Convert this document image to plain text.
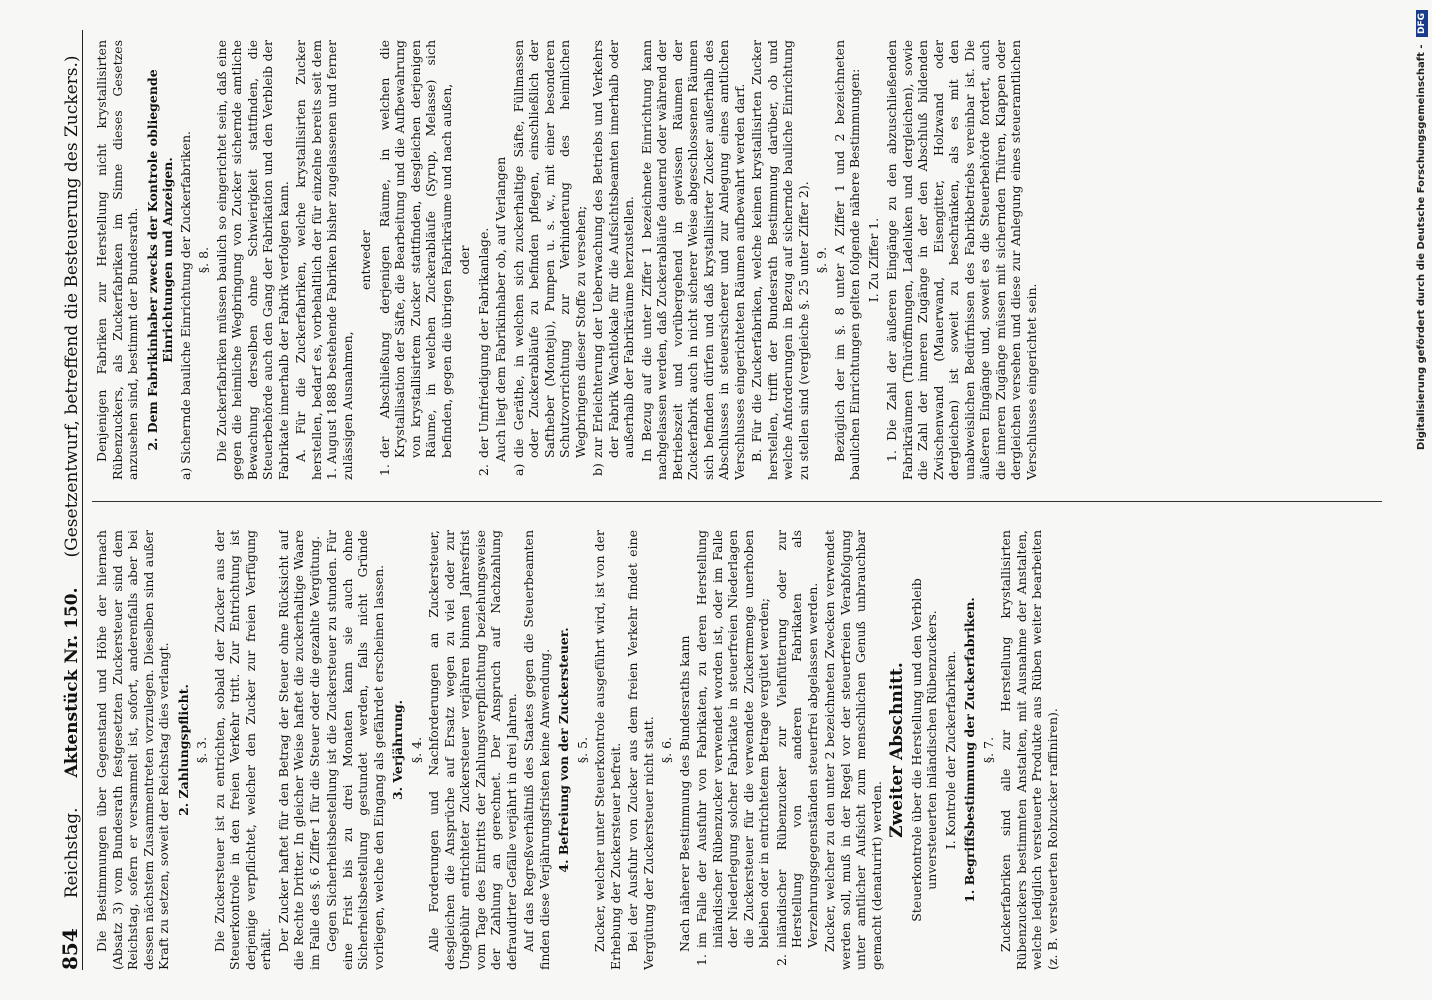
854
Reichstag.
Aktenstück Nr. 150.
(Gesetzentwurf, betreffend die Besteuerung des Zuckers.)

Die Bestimmungen über Gegenstand und Höhe der hiernach (Absatz 3) vom Bundesrath festgesetzten Zuckersteuer sind dem Reichstag, sofern er versammelt ist, sofort, anderenfalls aber bei dessen nächstem Zusammentreten vorzulegen. Dieselben sind außer Kraft zu setzen, soweit der Reichstag dies verlangt. 2. Zahlungspflicht. §. 3. Die Zuckersteuer ist zu entrichten, sobald der Zucker aus der Steuerkontrole in den freien Verkehr tritt. Zur Entrichtung ist derjenige verpflichtet, welcher den Zucker zur freien Verfügung erhält. Der Zucker haftet für den Betrag der Steuer ohne Rücksicht auf die Rechte Dritter. In gleicher Weise haftet die zuckerhaltige Waare im Falle des §. 6 Ziffer 1 für die Steuer oder die gezahlte Vergütung. Gegen Sicherheitsbestellung ist die Zuckersteuer zu stunden. Für eine Frist bis zu drei Monaten kann sie auch ohne Sicherheitsbestellung gestundet werden, falls nicht Gründe vorliegen, welche den Eingang als gefährdet erscheinen lassen. 3. Verjährung. §. 4. Alle Forderungen und Nachforderungen an Zuckersteuer, desgleichen die Ansprüche auf Ersatz wegen zu viel oder zur Ungebühr entrichteter Zuckersteuer verjähren binnen Jahresfrist vom Tage des Eintritts der Zahlungsverpflichtung beziehungsweise der Zahlung an gerechnet. Der Anspruch auf Nachzahlung defraudirter Gefälle verjährt in drei Jahren. Auf das Regreßverhältniß des Staates gegen die Steuerbeamten finden diese Verjährungsfristen keine Anwendung. 4. Befreiung von der Zuckersteuer. §. 5. Zucker, welcher unter Steuerkontrole ausgeführt wird, ist von der Erhebung der Zuckersteuer befreit. Bei der Ausfuhr von Zucker aus dem freien Verkehr findet eine Vergütung der Zuckersteuer nicht statt. §. 6. Nach näherer Bestimmung des Bundesraths kann

1.
im Falle der Ausfuhr von Fabrikaten, zu deren Herstellung inländischer Rübenzucker verwendet worden ist, oder im Falle der Niederlegung solcher Fabrikate in steuerfreien Niederlagen die Zuckersteuer für die verwendete Zuckermenge unerhoben bleiben oder in entrichtetem Betrage vergütet werden;

2.
inländischer Rübenzucker zur Viehfütterung oder zur Herstellung von anderen Fabrikaten als Verzehrungsgegenständen steuerfrei abgelassen werden. Zucker, welcher zu den unter 2 bezeichneten Zwecken verwendet werden soll, muß in der Regel vor der steuerfreien Verabfolgung unter amtlicher Aufsicht zum menschlichen Genuß unbrauchbar gemacht (denaturirt) werden.

Zweiter Abschnitt. Steuerkontrole über die Herstellung und den Verbleib unversteuerten inländischen Rübenzuckers. I. Kontrole der Zuckerfabriken. 1. Begriffsbestimmung der Zuckerfabriken. §. 7. Zuckerfabriken sind alle zur Herstellung krystallisirten Rübenzuckers bestimmten Anstalten, mit Ausnahme der Anstalten, welche lediglich versteuerte Produkte aus Rüben weiter bearbeiten (z. B. versteuerten Rohzucker raffiniren).

Denjenigen Fabriken zur Herstellung nicht krystallisirten Rübenzuckers, als Zuckerfabriken im Sinne dieses Gesetzes anzusehen sind, bestimmt der Bundesrath. 2. Dem Fabrikinhaber zwecks der Kontrole obliegende Einrichtungen und Anzeigen. a) Sichernde bauliche Einrichtung der Zuckerfabriken. §. 8. Die Zuckerfabriken müssen baulich so eingerichtet sein, daß eine gegen die heimliche Wegbringung von Zucker sichernde amtliche Bewachung derselben ohne Schwierigkeit stattfinden, die Steuerbehörde auch den Gang der Fabrikation und den Verbleib der Fabrikate innerhalb der Fabrik verfolgen kann. A. Für die Zuckerfabriken, welche krystallisirten Zucker herstellen, bedarf es, vorbehaltlich der für einzelne bereits seit dem 1. August 1888 bestehende Fabriken bisher zugelassenen und ferner zulässigen Ausnahmen,

entweder

1.
der Abschließung derjenigen Räume, in welchen die Krystallisation der Säfte, die Bearbeitung und die Aufbewahrung von krystallisirtem Zucker stattfinden, desgleichen derjenigen Räume, in welchen Zuckerabläufe (Syrup, Melasse) sich befinden, gegen die übrigen Fabrikräume und nach außen, oder

2.
der Umfriedigung der Fabrikanlage. Auch liegt dem Fabrikinhaber ob, auf Verlangen

a)
die Geräthe, in welchen sich zuckerhaltige Säfte, Füllmassen oder Zuckerabläufe zu befinden pflegen, einschließlich der Saftheber (Monteju), Pumpen u. s. w., mit einer besonderen Schutzvorrichtung zur Verhinderung des heimlichen Wegbringens dieser Stoffe zu versehen;

b)
zur Erleichterung der Ueberwachung des Betriebs und Verkehrs der Fabrik Wachtlokale für die Aufsichtsbeamten innerhalb oder außerhalb der Fabrikräume herzustellen. In Bezug auf die unter Ziffer 1 bezeichnete Einrichtung kann nachgelassen werden, daß Zuckerabläufe dauernd oder während der Betriebszeit und vorübergehend in gewissen Räumen der Zuckerfabrik auch in nicht sicherer Weise abgeschlossenen Räumen sich befinden dürfen und daß krystallisirter Zucker außerhalb des Abschlusses in steuersicherer und zur Anlegung eines amtlichen Verschlusses eingerichteten Räumen aufbewahrt werden darf. B. Für die Zuckerfabriken, welche keinen krystallisirten Zucker herstellen, trifft der Bundesrath Bestimmung darüber, ob und welche Anforderungen in Bezug auf sichernde bauliche Einrichtung zu stellen sind (vergleiche §. 25 unter Ziffer 2). §. 9. Bezüglich der im §. 8 unter A Ziffer 1 und 2 bezeichneten baulichen Einrichtungen gelten folgende nähere Bestimmungen: I. Zu Ziffer 1. 1. Die Zahl der äußeren Eingänge zu den abzuschließenden Fabrikräumen (Thüröffnungen, Ladeluken und dergleichen), sowie die Zahl der inneren Zugänge in der den Abschluß bildenden Zwischenwand (Mauerwand, Eisengitter, Holzwand oder dergleichen) ist soweit zu beschränken, als es mit den unabweislichen Bedürfnissen des Fabrikbetriebs vereinbar ist. Die äußeren Eingänge und, soweit es die Steuerbehörde fordert, auch die inneren Zugänge müssen mit sichernden Thüren, Klappen oder dergleichen versehen und diese zur Anlegung eines steueramtlichen Verschlusses eingerichtet sein.	Digitalisierung gefördert durch die Deutsche Forschungsgemeinschaft - DFG
